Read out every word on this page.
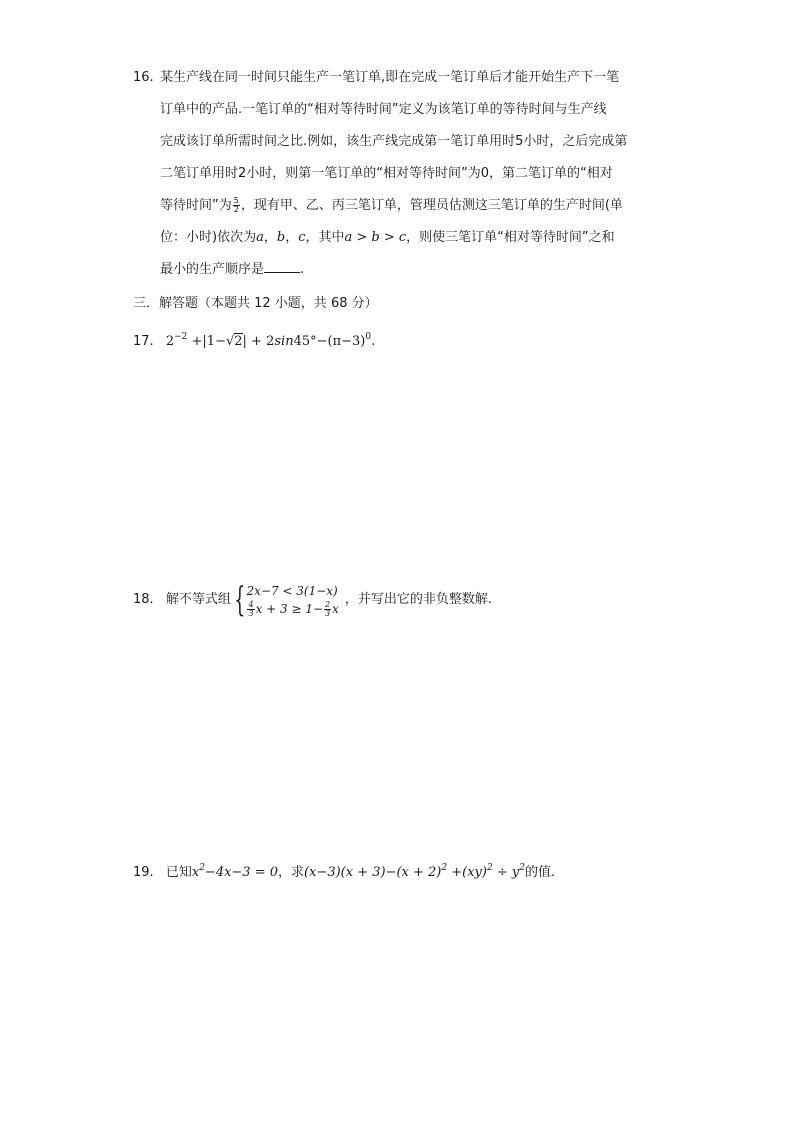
16. 某生产线在同一时间只能生产一笔订单,即在完成一笔订单后才能开始生产下一笔
订单中的产品.一笔订单的“相对等待时间”定义为该笔订单的等待时间与生产线
完成该订单所需时间之比.例如，该生产线完成第一笔订单用时5小时，之后完成第
二笔订单用时2小时，则第一笔订单的“相对等待时间”为0，第二笔订单的“相对
等待时间”为 $\frac{5}{2}$ ，现有甲、乙、丙三笔订单，管理员估测这三笔订单的生产时间(单
位：小时)依次为a，b，c，其中a > b > c，则使三笔订单“相对等待时间”之和
最小的生产顺序是	.
三．解答题（本题共 12 小题，共 68 分）
17. $2^{-2} +|1-√2| + 2\sin 45^\circ-(\pi-3)^0$.
18. 解不等式组 { 2x−7 < 3(1−x)
$\frac{4}{3}$ $x + 3 \ge 1- \frac{2}{3}$ x
，并写出它的非负整数解.
19. 已知$x^2-4x-3 = 0$，求$(x-3)(x + 3)-(x + 2)^2 +(xy)^2 \div y^2$的值.
